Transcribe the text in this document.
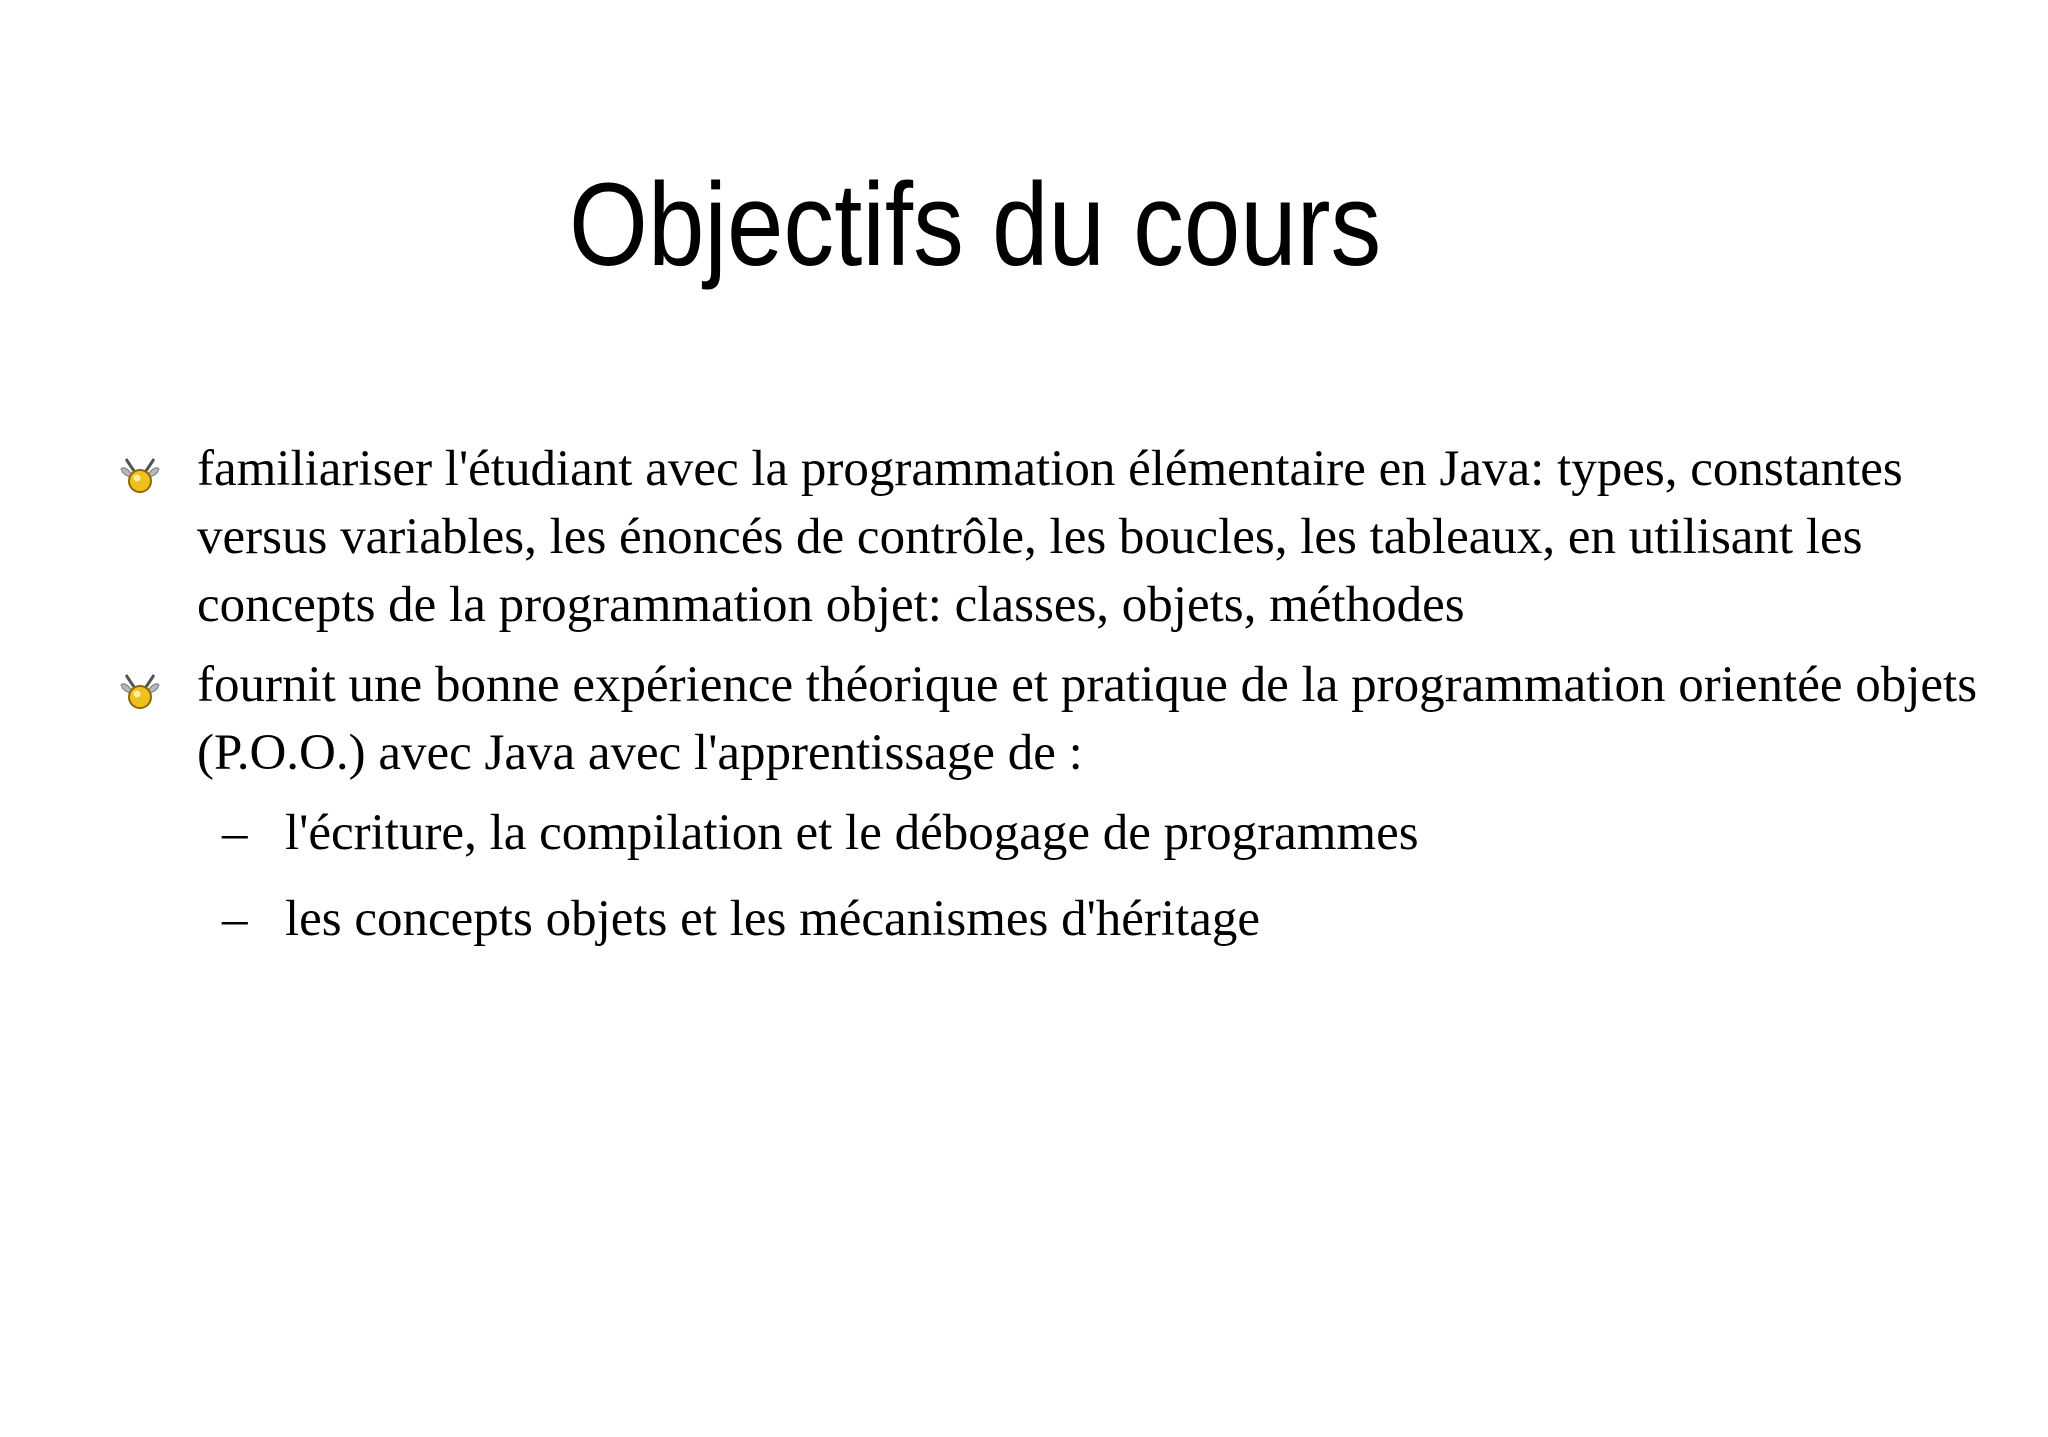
Objectifs du cours
familiariser l'étudiant avec la programmation élémentaire en Java: types, constantes versus variables, les énoncés de contrôle, les boucles, les tableaux, en utilisant les concepts de la programmation objet: classes, objets, méthodes
fournit une bonne expérience théorique et pratique de la programmation orientée objets (P.O.O.) avec Java avec l'apprentissage de :
– l'écriture, la compilation et le débogage de programmes
– les concepts objets et les mécanismes d'héritage
